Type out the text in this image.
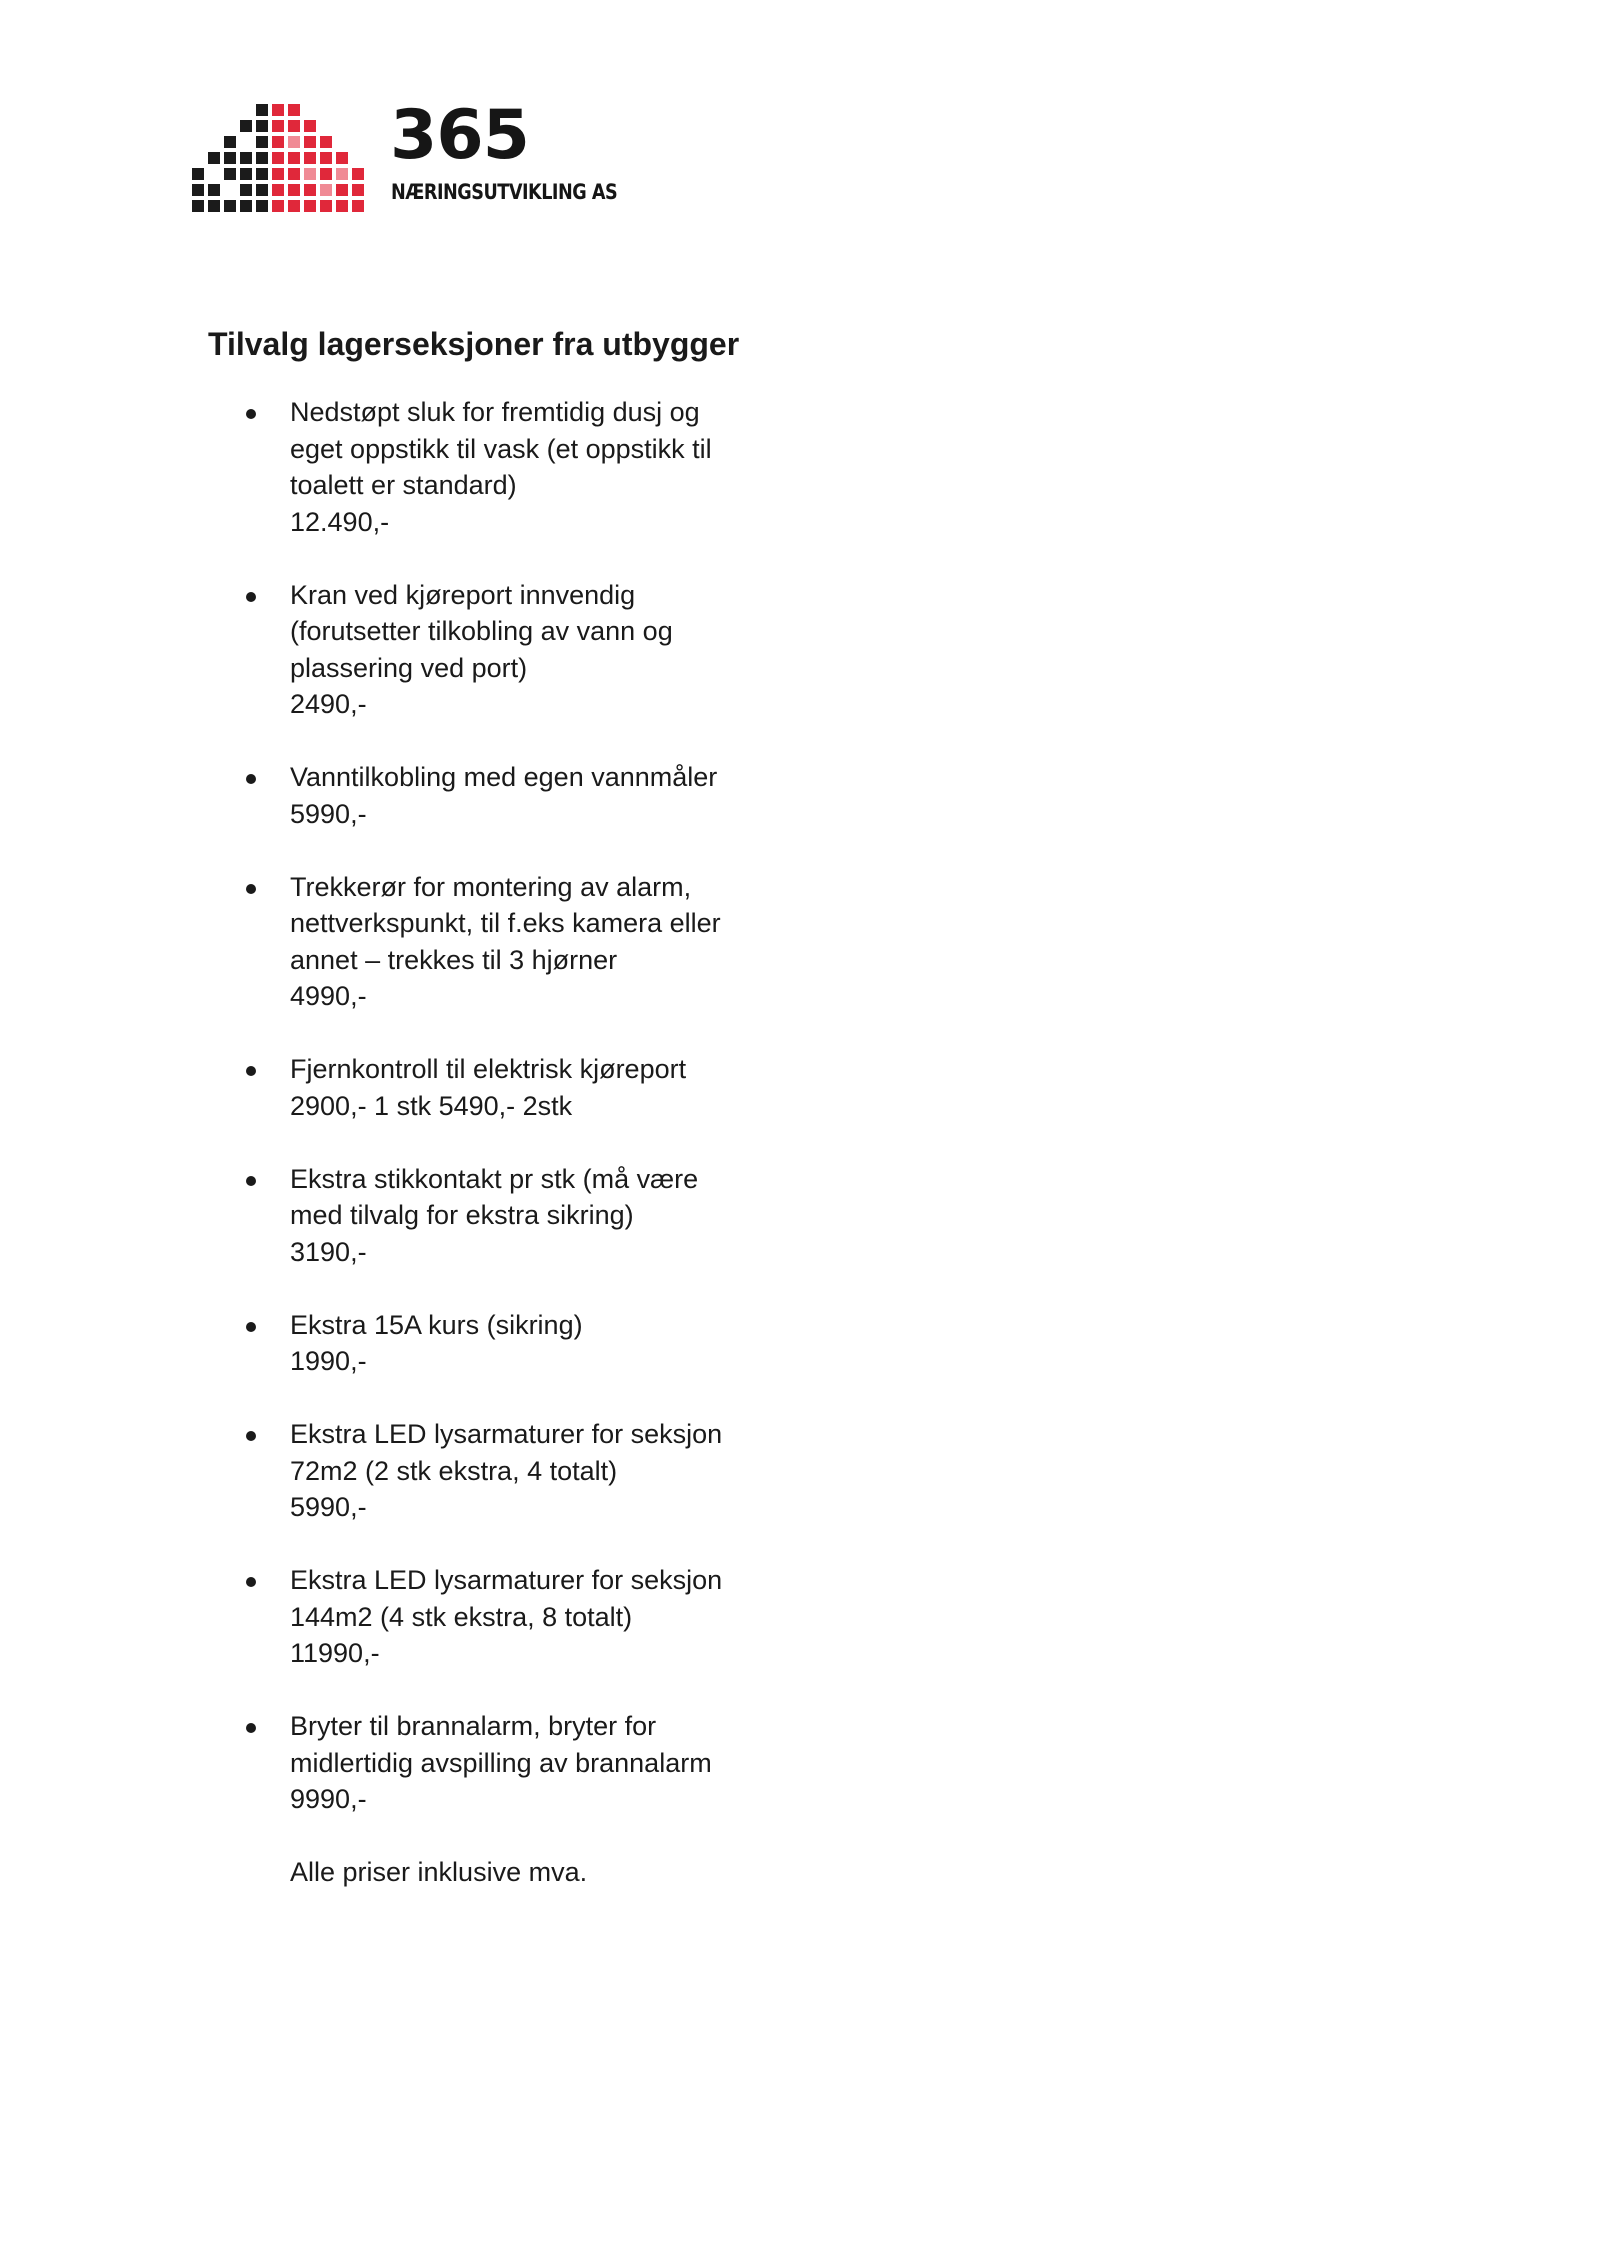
365
NÆRINGSUTVIKLING AS
Tilvalg lagerseksjoner fra utbygger
Nedstøpt sluk for fremtidig dusj og
eget oppstikk til vask (et oppstikk til
toalett er standard)
12.490,-
Kran ved kjøreport innvendig
(forutsetter tilkobling av vann og
plassering ved port)
2490,-
Vanntilkobling med egen vannmåler
5990,-
Trekkerør for montering av alarm,
nettverkspunkt, til f.eks kamera eller
annet – trekkes til 3 hjørner
4990,-
Fjernkontroll til elektrisk kjøreport
2900,- 1 stk 5490,- 2stk
Ekstra stikkontakt pr stk (må være
med tilvalg for ekstra sikring)
3190,-
Ekstra 15A kurs (sikring)
1990,-
Ekstra LED lysarmaturer for seksjon
72m2 (2 stk ekstra, 4 totalt)
5990,-
Ekstra LED lysarmaturer for seksjon
144m2 (4 stk ekstra, 8 totalt)
11990,-
Bryter til brannalarm, bryter for
midlertidig avspilling av brannalarm
9990,-
Alle priser inklusive mva.
